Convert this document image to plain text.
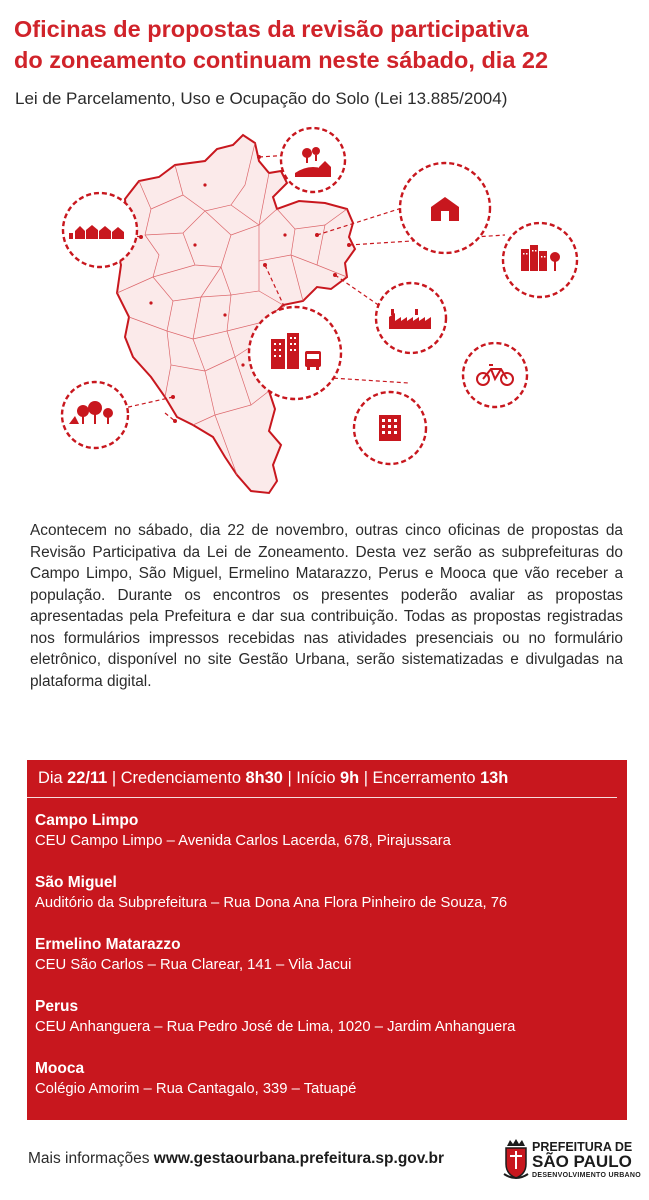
Oficinas de propostas da revisão participativa
do zoneamento continuam neste sábado, dia 22
Lei de Parcelamento, Uso e Ocupação do Solo (Lei 13.885/2004)
Acontecem no sábado, dia 22 de novembro, outras cinco oficinas de propostas da Revisão Participativa da Lei de Zoneamento. Desta vez serão as subprefeituras do Campo Limpo, São Miguel, Ermelino Matarazzo, Perus e Mooca que vão receber a população. Durante os encontros os presentes poderão avaliar as propostas apresentadas pela Prefeitura e dar sua contribuição. Todas as propostas registradas nos formulários impressos recebidas nas atividades presenciais ou no formulário eletrônico, disponível no site Gestão Urbana, serão sistematizadas e divulgadas na plataforma digital.
Dia 22/11 | Credenciamento 8h30 | Início 9h | Encerramento 13h
Campo Limpo
CEU Campo Limpo – Avenida Carlos Lacerda, 678, Pirajussara
São Miguel
Auditório da Subprefeitura – Rua Dona Ana Flora Pinheiro de Souza, 76
Ermelino Matarazzo
CEU São Carlos – Rua Clarear, 141 – Vila Jacui
Perus
CEU Anhanguera – Rua Pedro José de Lima, 1020 – Jardim Anhanguera
Mooca
Colégio Amorim – Rua Cantagalo, 339 – Tatuapé
Mais informações www.gestaourbana.prefeitura.sp.gov.br
PREFEITURA DE
SÃO PAULO
DESENVOLVIMENTO URBANO
